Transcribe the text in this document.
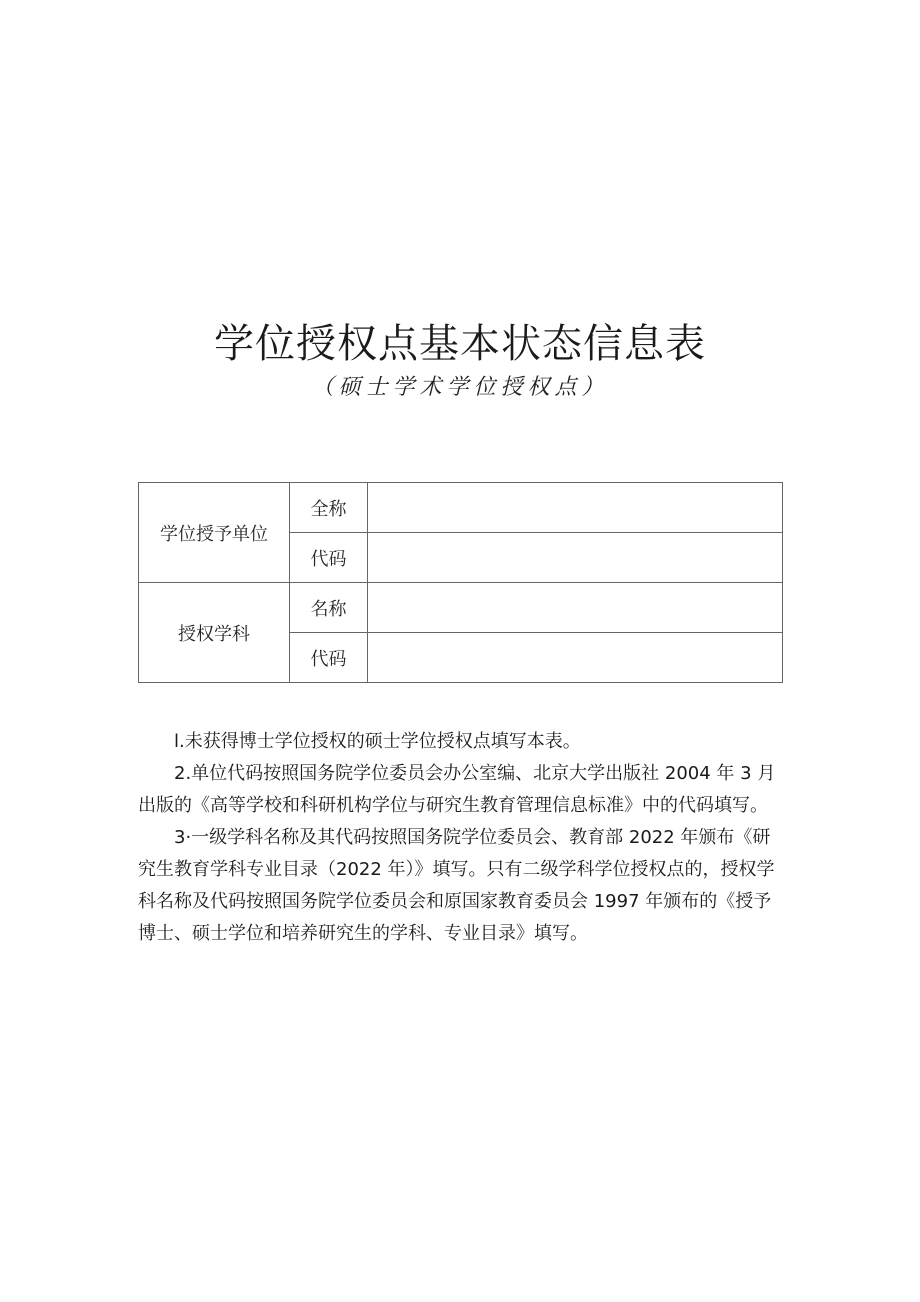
学位授权点基本状态信息表
（硕士学术学位授权点）
学位授予单位	全称	
	代码	
授权学科	名称	
	代码	

l.未获得博士学位授权的硕士学位授权点填写本表。

2.单位代码按照国务院学位委员会办公室编、北京大学出版社 2004 年 3 月出版的《高等学校和科研机构学位与研究生教育管理信息标准》中的代码填写。

3·一级学科名称及其代码按照国务院学位委员会、教育部 2022 年颁布《研究生教育学科专业目录（2022 年）》填写。只有二级学科学位授权点的，授权学科名称及代码按照国务院学位委员会和原国家教育委员会 1997 年颁布的《授予博士、硕士学位和培养研究生的学科、专业目录》填写。
